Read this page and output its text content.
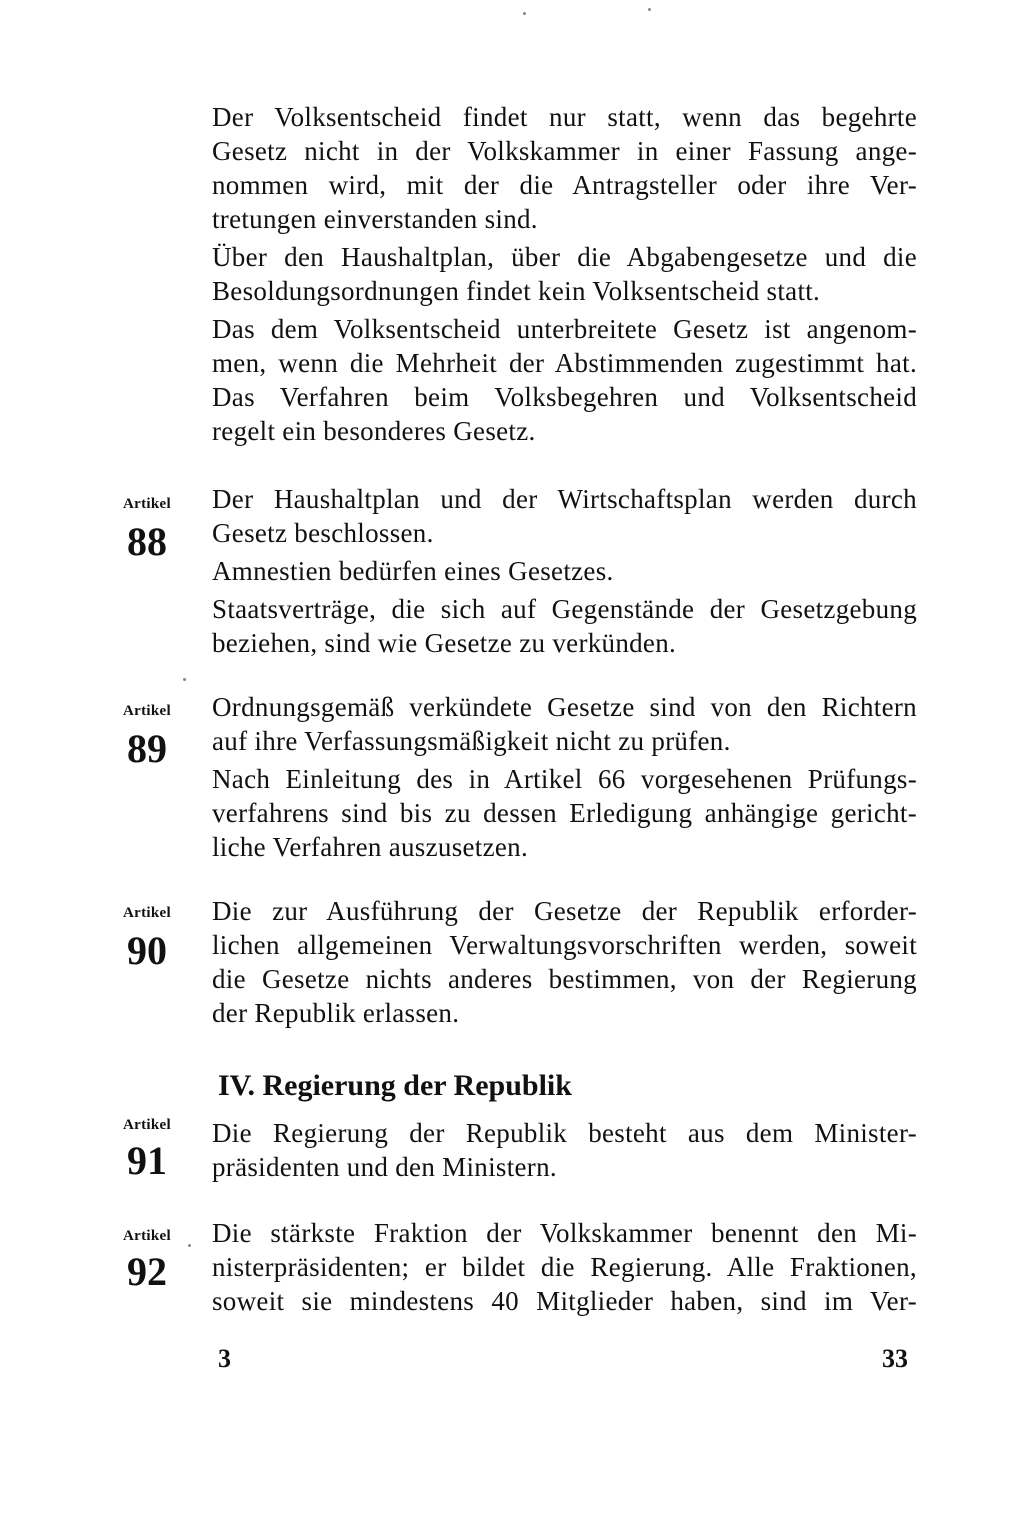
Der Volksentscheid findet nur statt, wenn das begehrte
Gesetz nicht in der Volkskammer in einer Fassung ange-
nommen wird, mit der die Antragsteller oder ihre Ver-
tretungen einverstanden sind.
Über den Haushaltplan, über die Abgabengesetze und die
Besoldungsordnungen findet kein Volksentscheid statt.
Das dem Volksentscheid unterbreitete Gesetz ist angenom-
men, wenn die Mehrheit der Abstimmenden zugestimmt hat.
Das Verfahren beim Volksbegehren und Volksentscheid
regelt ein besonderes Gesetz.
Artikel
88
Der Haushaltplan und der Wirtschaftsplan werden durch
Gesetz beschlossen.
Amnestien bedürfen eines Gesetzes.
Staatsverträge, die sich auf Gegenstände der Gesetzgebung
beziehen, sind wie Gesetze zu verkünden.
Artikel
89
Ordnungsgemäß verkündete Gesetze sind von den Richtern
auf ihre Verfassungsmäßigkeit nicht zu prüfen.
Nach Einleitung des in Artikel 66 vorgesehenen Prüfungs-
verfahrens sind bis zu dessen Erledigung anhängige gericht-
liche Verfahren auszusetzen.
Artikel
90
Die zur Ausführung der Gesetze der Republik erforder-
lichen allgemeinen Verwaltungsvorschriften werden, soweit
die Gesetze nichts anderes bestimmen, von der Regierung
der Republik erlassen.
IV. Regierung der Republik
Artikel
91
Die Regierung der Republik besteht aus dem Minister-
präsidenten und den Ministern.
Artikel
92
Die stärkste Fraktion der Volkskammer benennt den Mi-
nisterpräsidenten; er bildet die Regierung. Alle Fraktionen,
soweit sie mindestens 40 Mitglieder haben, sind im Ver-
3	33
